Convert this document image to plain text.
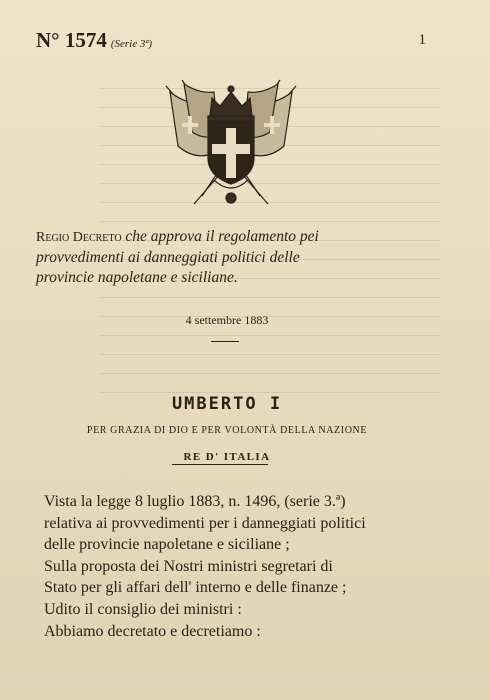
N° 1574 (Serie 3ª)	1
Regio Decreto che approva il regolamento pei
provvedimenti ai danneggiati politici delle
provincie napoletane e siciliane.
4 settembre 1883
UMBERTO I
PER GRAZIA DI DIO E PER VOLONTÀ DELLA NAZIONE
RE D' ITALIA

Vista la legge 8 luglio 1883, n. 1496, (serie 3.ª)

relativa ai provvedimenti per i danneggiati politici

delle provincie napoletane e siciliane ;

Sulla proposta dei Nostri ministri segretari di

Stato per gli affari dell' interno e delle finanze ;

Udito il consiglio dei ministri :

Abbiamo decretato e decretiamo :
